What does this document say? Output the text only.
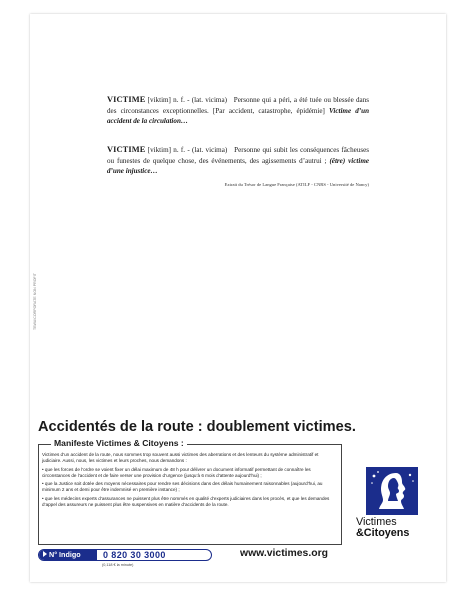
VICTIME [viktim] n. f. - (lat. vicima) Personne qui a péri, a été tuée ou blessée dans des circonstances exceptionnelles. [Par accident, catastrophe, épidémie] Victime d’un accident de la circulation…
VICTIME [viktim] n. f. - (lat. vicima) Personne qui subit les conséquences fâcheuses ou funestes de quelque chose, des événements, des agissements d’autrui ; (être) victime d’une injustice…
Extrait du Trésor de Langue Française (ATILF - CNRS - Université de Nancy)
TBWA\CORPORATE NON PROFIT
Accidentés de la route : doublement victimes.
Manifeste Victimes & Citoyens :

Victimes d’un accident de la route, nous sommes trop souvent aussi victimes des aberrations et des lenteurs du système administratif et judiciaire. Aussi, nous, les victimes et leurs proches, nous demandons :

• que les forces de l’ordre se voient fixer un délai maximum de 48 h pour délivrer un document informatif permettant de connaître les circonstances de l’accident et de faire verser une provision d’urgence (jusqu’à 6 mois d’attente aujourd’hui) ;

• que la Justice soit dotée des moyens nécessaires pour rendre ses décisions dans des délais humainement raisonnables (aujourd’hui, au minimum 2 ans et demi pour être indemnisé en première instance) ;

• que les médecins experts d’assurances ne puissent plus être nommés en qualité d’experts judiciaires dans les procès, et que les demandes d’appel des assureurs ne puissent plus être suspensives en matière d’accidents de la route.

N° Indigo	0 820 30 3000
(0,118 € la minute)
www.victimes.org
Victimes
&Citoyens
